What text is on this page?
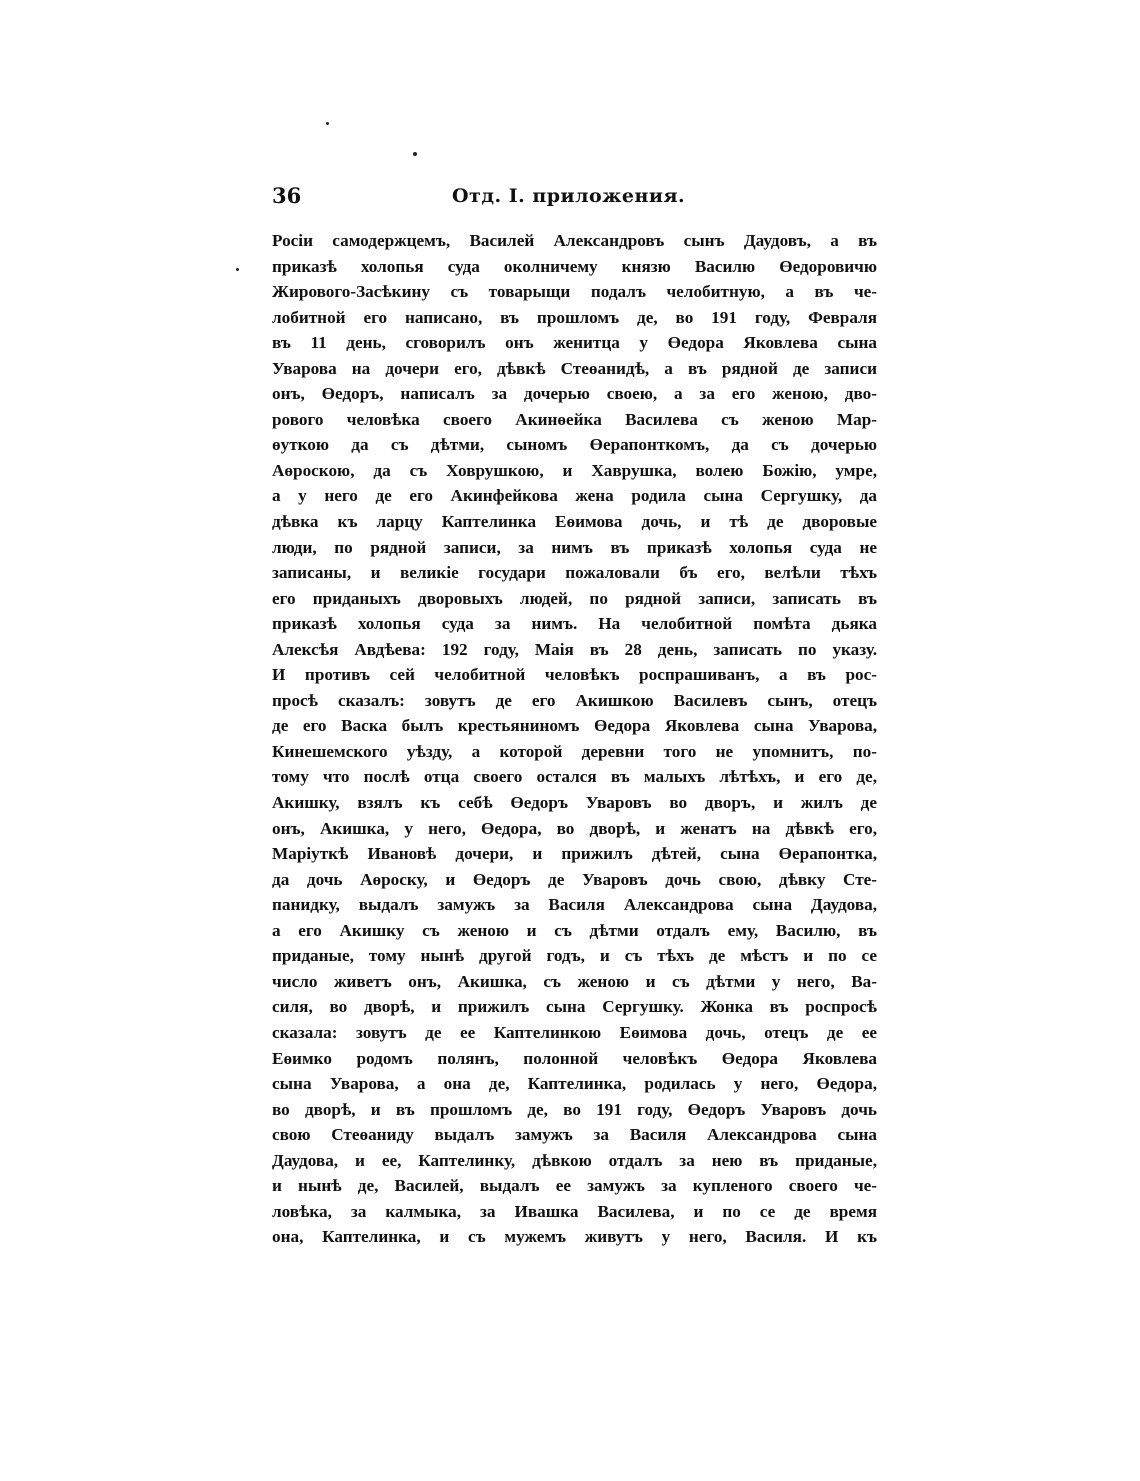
36	Отд. I. приложения.
Росіи самодержцемъ, Василей Александровъ сынъ Даудовъ, а въ
приказѣ холопья суда околничему князю Василю Өедоровичю
Жирового-Засѣкину съ товарыщи подалъ челобитную, а въ че-
лобитной его написано, въ прошломъ де, во 191 году, Февраля
въ 11 день, сговорилъ онъ женитца у Өедора Яковлева сына
Уварова на дочери его, дѣвкѣ Стеөанидѣ, а въ рядной де записи
онъ, Өедоръ, написалъ за дочерью своею, а за его женою, дво-
рового человѣка своего Акинөейка Василева съ женою Мар-
өуткою да съ дѣтми, сыномъ Өерапонткомъ, да съ дочерью
Аөроскою, да съ Ховрушкою, и Хаврушка, волею Божію, умре,
а у него де его Акинфейкова жена родила сына Сергушку, да
дѣвка къ ларцу Каптелинка Еөимова дочь, и тѣ де дворовые
люди, по рядной записи, за нимъ въ приказѣ холопья суда не
записаны, и великіе государи пожаловали бъ его, велѣли тѣхъ
его приданыхъ дворовыхъ людей, по рядной записи, записать въ
приказѣ холопья суда за нимъ. На челобитной помѣта дьяка
Алексѣя Авдѣева: 192 году, Маія въ 28 день, записать по указу.
И противъ сей челобитной человѣкъ роспрашиванъ, а въ рос-
просѣ сказалъ: зовутъ де его Акишкою Василевъ сынъ, отецъ
де его Васка былъ крестьяниномъ Өедора Яковлева сына Уварова,
Кинешемского уѣзду, а которой деревни того не упомнитъ, по-
тому что послѣ отца своего остался въ малыхъ лѣтѣхъ, и его де,
Акишку, взялъ къ себѣ Өедоръ Уваровъ во дворъ, и жилъ де
онъ, Акишка, у него, Өедора, во дворѣ, и женатъ на дѣвкѣ его,
Маріуткѣ Ивановѣ дочери, и прижилъ дѣтей, сына Өерапонтка,
да дочь Аөроску, и Өедоръ де Уваровъ дочь свою, дѣвку Сте-
панидку, выдалъ замужъ за Василя Александрова сына Даудова,
а его Акишку съ женою и съ дѣтми отдалъ ему, Василю, въ
приданые, тому нынѣ другой годъ, и съ тѣхъ де мѣстъ и по се
число живетъ онъ, Акишка, съ женою и съ дѣтми у него, Ва-
силя, во дворѣ, и прижилъ сына Сергушку. Жонка въ роспросѣ
сказала: зовутъ де ее Каптелинкою Еөимова дочь, отецъ де ее
Еөимко родомъ полянъ, полонной человѣкъ Өедора Яковлева
сына Уварова, а она де, Каптелинка, родилась у него, Өедора,
во дворѣ, и въ прошломъ де, во 191 году, Өедоръ Уваровъ дочь
свою Стеөаниду выдалъ замужъ за Василя Александрова сына
Даудова, и ее, Каптелинку, дѣвкою отдалъ за нею въ приданые,
и нынѣ де, Василей, выдалъ ее замужъ за купленого своего че-
ловѣка, за калмыка, за Ивашка Василева, и по се де время
она, Каптелинка, и съ мужемъ живутъ у него, Василя. И къ
